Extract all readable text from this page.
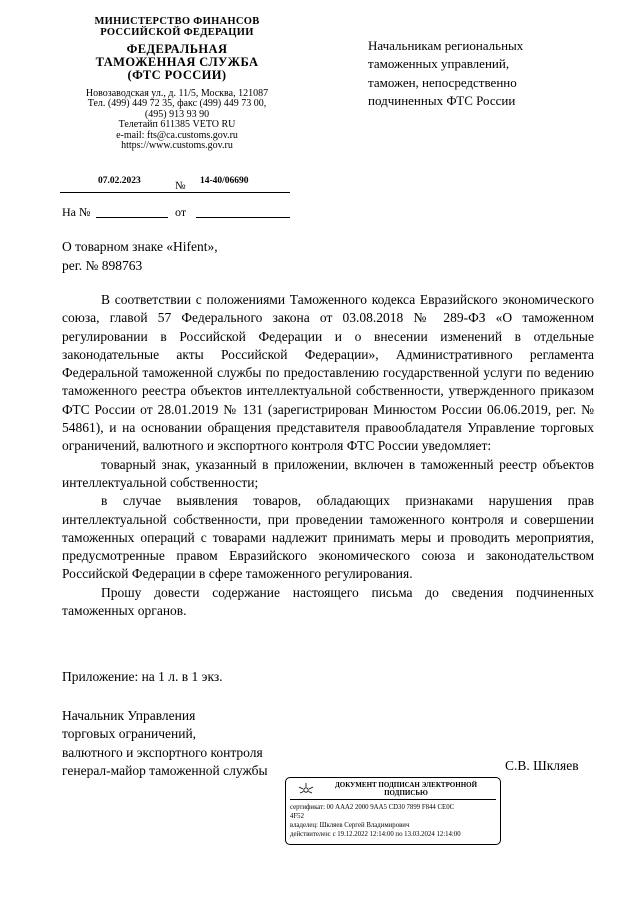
МИНИСТЕРСТВО ФИНАНСОВ
РОССИЙСКОЙ ФЕДЕРАЦИИ
ФЕДЕРАЛЬНАЯ
ТАМОЖЕННАЯ СЛУЖБА
(ФТС РОССИИ)
Новозаводская ул., д. 11/5, Москва, 121087
Тел. (499) 449 72 35, факс (499) 449 73 00,
(495) 913 93 90
Телетайп 611385 VETO RU
e-mail: fts@ca.customs.gov.ru
https://www.customs.gov.ru
07.02.2023	№ 14-40/06690
На №	от
Начальникам региональных
таможенных управлений,
таможен, непосредственно
подчиненных ФТС России
О товарном знаке «Hifent»,
рег. № 898763

В соответствии с положениями Таможенного кодекса Евразийского экономического союза, главой 57 Федерального закона от 03.08.2018 № 289-ФЗ «О таможенном регулировании в Российской Федерации и о внесении изменений в отдельные законодательные акты Российской Федерации», Административного регламента Федеральной таможенной службы по предоставлению государственной услуги по ведению таможенного реестра объектов интеллектуальной собственности, утвержденного приказом ФТС России от 28.01.2019 № 131 (зарегистрирован Минюстом России 06.06.2019, рег. № 54861), и на основании обращения представителя правообладателя Управление торговых ограничений, валютного и экспортного контроля ФТС России уведомляет:

товарный знак, указанный в приложении, включен в таможенный реестр объектов интеллектуальной собственности;

в случае выявления товаров, обладающих признаками нарушения прав интеллектуальной собственности, при проведении таможенного контроля и совершении таможенных операций с товарами надлежит принимать меры и проводить мероприятия, предусмотренные правом Евразийского экономического союза и законодательством Российской Федерации в сфере таможенного регулирования.

Прошу довести содержание настоящего письма до сведения подчиненных таможенных органов.

Приложение: на 1 л. в 1 экз.
Начальник Управления
торговых ограничений,
валютного и экспортного контроля
генерал-майор таможенной службы	С.В. Шкляев
ДОКУМЕНТ ПОДПИСАН ЭЛЕКТРОННОЙ
ПОДПИСЬЮ
сертификат: 00 AAA2 2000 9AA5 CD30 7899 F844 CE0C
4F52
владелец: Шкляев Сергей Владимирович
действителен: с 19.12.2022 12:14:00 по 13.03.2024 12:14:00
